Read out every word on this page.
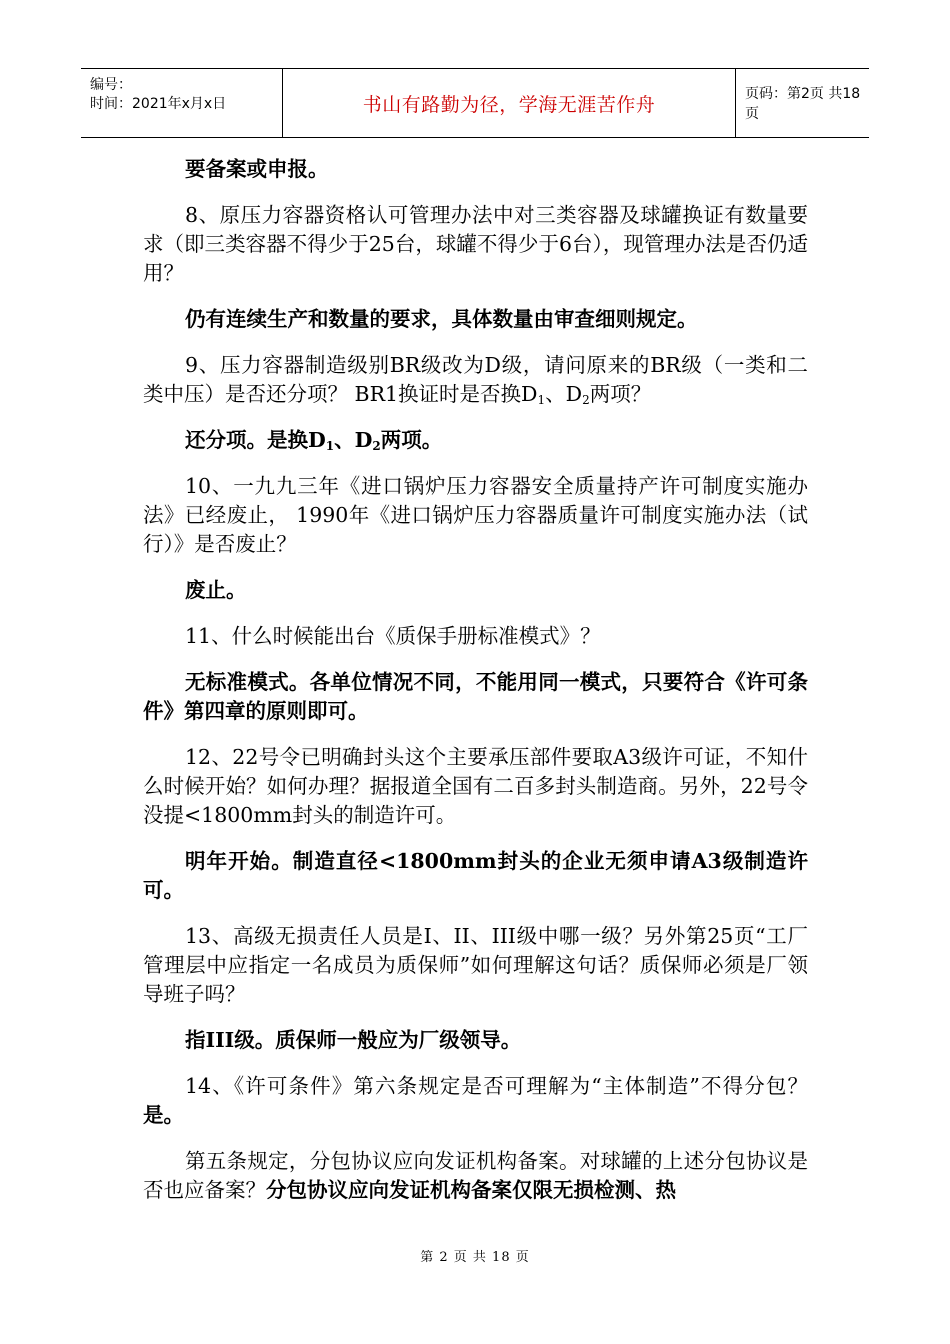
编号：
时间：2021年x月x日	书山有路勤为径，学海无涯苦作舟	页码：第2页 共18页

要备案或申报。

8、原压力容器资格认可管理办法中对三类容器及球罐换证有数量要求（即三类容器不得少于25台，球罐不得少于6台），现管理办法是否仍适用？

仍有连续生产和数量的要求，具体数量由审查细则规定。

9、压力容器制造级别BR级改为D级，请问原来的BR级（一类和二类中压）是否还分项？ BR1换证时是否换$D_1$、$D_2$两项？

还分项。是换$D_1$、$D_2$两项。

10、一九九三年《进口锅炉压力容器安全质量持产许可制度实施办法》已经废止， 1990年《进口锅炉压力容器质量许可制度实施办法（试行）》是否废止？

废止。

11、什么时候能出台《质保手册标准模式》？

无标准模式。各单位情况不同，不能用同一模式，只要符合《许可条件》第四章的原则即可。

12、22号令已明确封头这个主要承压部件要取A3级许可证，不知什么时候开始？如何办理？据报道全国有二百多封头制造商。另外，22号令没提<1800mm封头的制造许可。

明年开始。制造直径<1800mm封头的企业无须申请A3级制造许可。

13、高级无损责任人员是I、II、III级中哪一级？另外第25页“工厂管理层中应指定一名成员为质保师”如何理解这句话？质保师必须是厂领导班子吗？

指III级。质保师一般应为厂级领导。

14、《许可条件》第六条规定是否可理解为“主体制造”不得分包？是。

第五条规定，分包协议应向发证机构备案。对球罐的上述分包协议是否也应备案？分包协议应向发证机构备案仅限无损检测、热

第 2 页 共 18 页
